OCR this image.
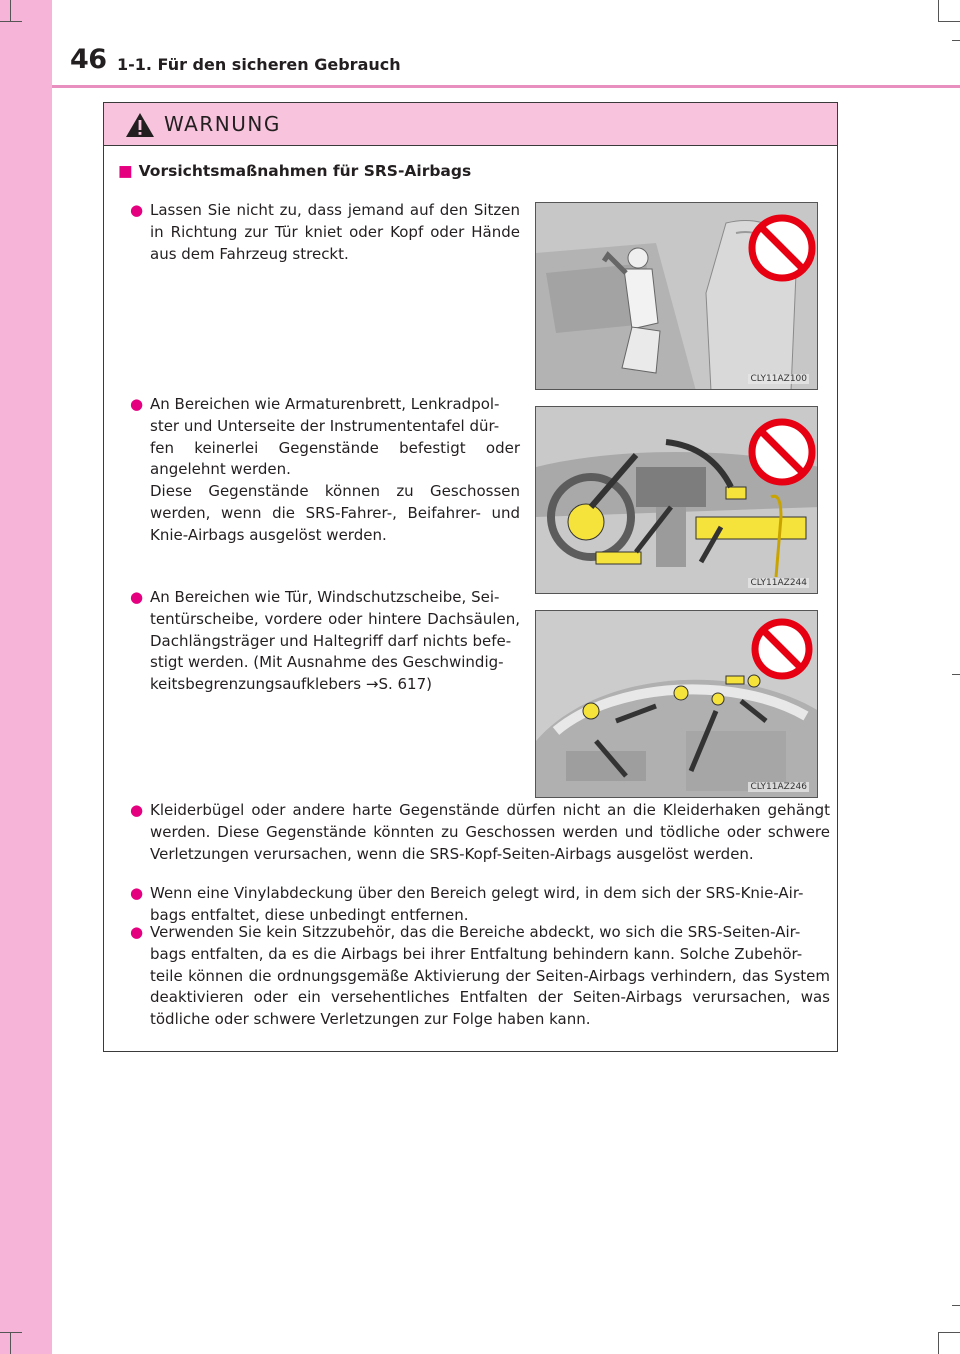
46 1-1. Für den sicheren Gebrauch
WARNUNG
■ Vorsichtsmaßnahmen für SRS-Airbags
● Lassen Sie nicht zu, dass jemand auf den Sitzen in Richtung zur Tür kniet oder Kopf oder Hände aus dem Fahrzeug streckt.
CLY11AZ100
● An Bereichen wie Armaturenbrett, Lenkradpol-
ster und Unterseite der Instrumententafel dür-
fen keinerlei Gegenstände befestigt oder angelehnt werden.
Diese Gegenstände können zu Geschossen werden, wenn die SRS-Fahrer-, Beifahrer- und Knie-Airbags ausgelöst werden.
CLY11AZ244
● An Bereichen wie Tür, Windschutzscheibe, Sei-
tentürscheibe, vordere oder hintere Dachsäulen, Dachlängsträger und Haltegriff darf nichts befe-
stigt werden. (Mit Ausnahme des Geschwindig-
keitsbegrenzungsaufklebers →S. 617)
CLY11AZ246
● Kleiderbügel oder andere harte Gegenstände dürfen nicht an die Kleiderhaken gehängt werden. Diese Gegenstände könnten zu Geschossen werden und tödliche oder schwere Verletzungen verursachen, wenn die SRS-Kopf-Seiten-Airbags ausgelöst werden.
● Wenn eine Vinylabdeckung über den Bereich gelegt wird, in dem sich der SRS-Knie-Air-
bags entfaltet, diese unbedingt entfernen.
● Verwenden Sie kein Sitzzubehör, das die Bereiche abdeckt, wo sich die SRS-Seiten-Air-
bags entfalten, da es die Airbags bei ihrer Entfaltung behindern kann. Solche Zubehör-
teile können die ordnungsgemäße Aktivierung der Seiten-Airbags verhindern, das System deaktivieren oder ein versehentliches Entfalten der Seiten-Airbags verursachen, was tödliche oder schwere Verletzungen zur Folge haben kann.
